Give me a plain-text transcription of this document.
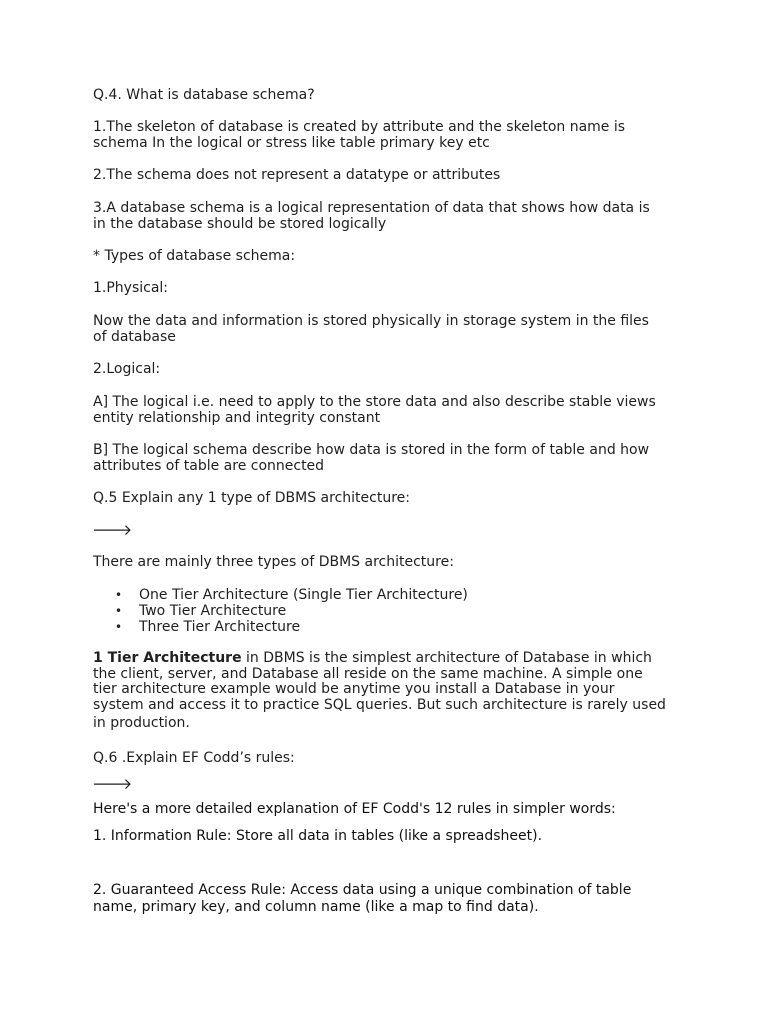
Q.4. What is database schema?
1.The skeleton of database is created by attribute and the skeleton name is
schema In the logical or stress like table primary key etc
2.The schema does not represent a datatype or attributes
3.A database schema is a logical representation of data that shows how data is
in the database should be stored logically
* Types of database schema:
1.Physical:
Now the data and information is stored physically in storage system in the files
of database
2.Logical:
A] The logical i.e. need to apply to the store data and also describe stable views
entity relationship and integrity constant
B] The logical schema describe how data is stored in the form of table and how
attributes of table are connected
Q.5 Explain any 1 type of DBMS architecture:
🡒
There are mainly three types of DBMS architecture:
• One Tier Architecture (Single Tier Architecture)
• Two Tier Architecture
• Three Tier Architecture
1 Tier Architecture in DBMS is the simplest architecture of Database in which
the client, server, and Database all reside on the same machine. A simple one
tier architecture example would be anytime you install a Database in your
system and access it to practice SQL queries. But such architecture is rarely used
in production.
Q.6 .Explain EF Codd’s rules:
🡒
Here's a more detailed explanation of EF Codd's 12 rules in simpler words:
1. Information Rule: Store all data in tables (like a spreadsheet).
2. Guaranteed Access Rule: Access data using a unique combination of table
name, primary key, and column name (like a map to find data).
